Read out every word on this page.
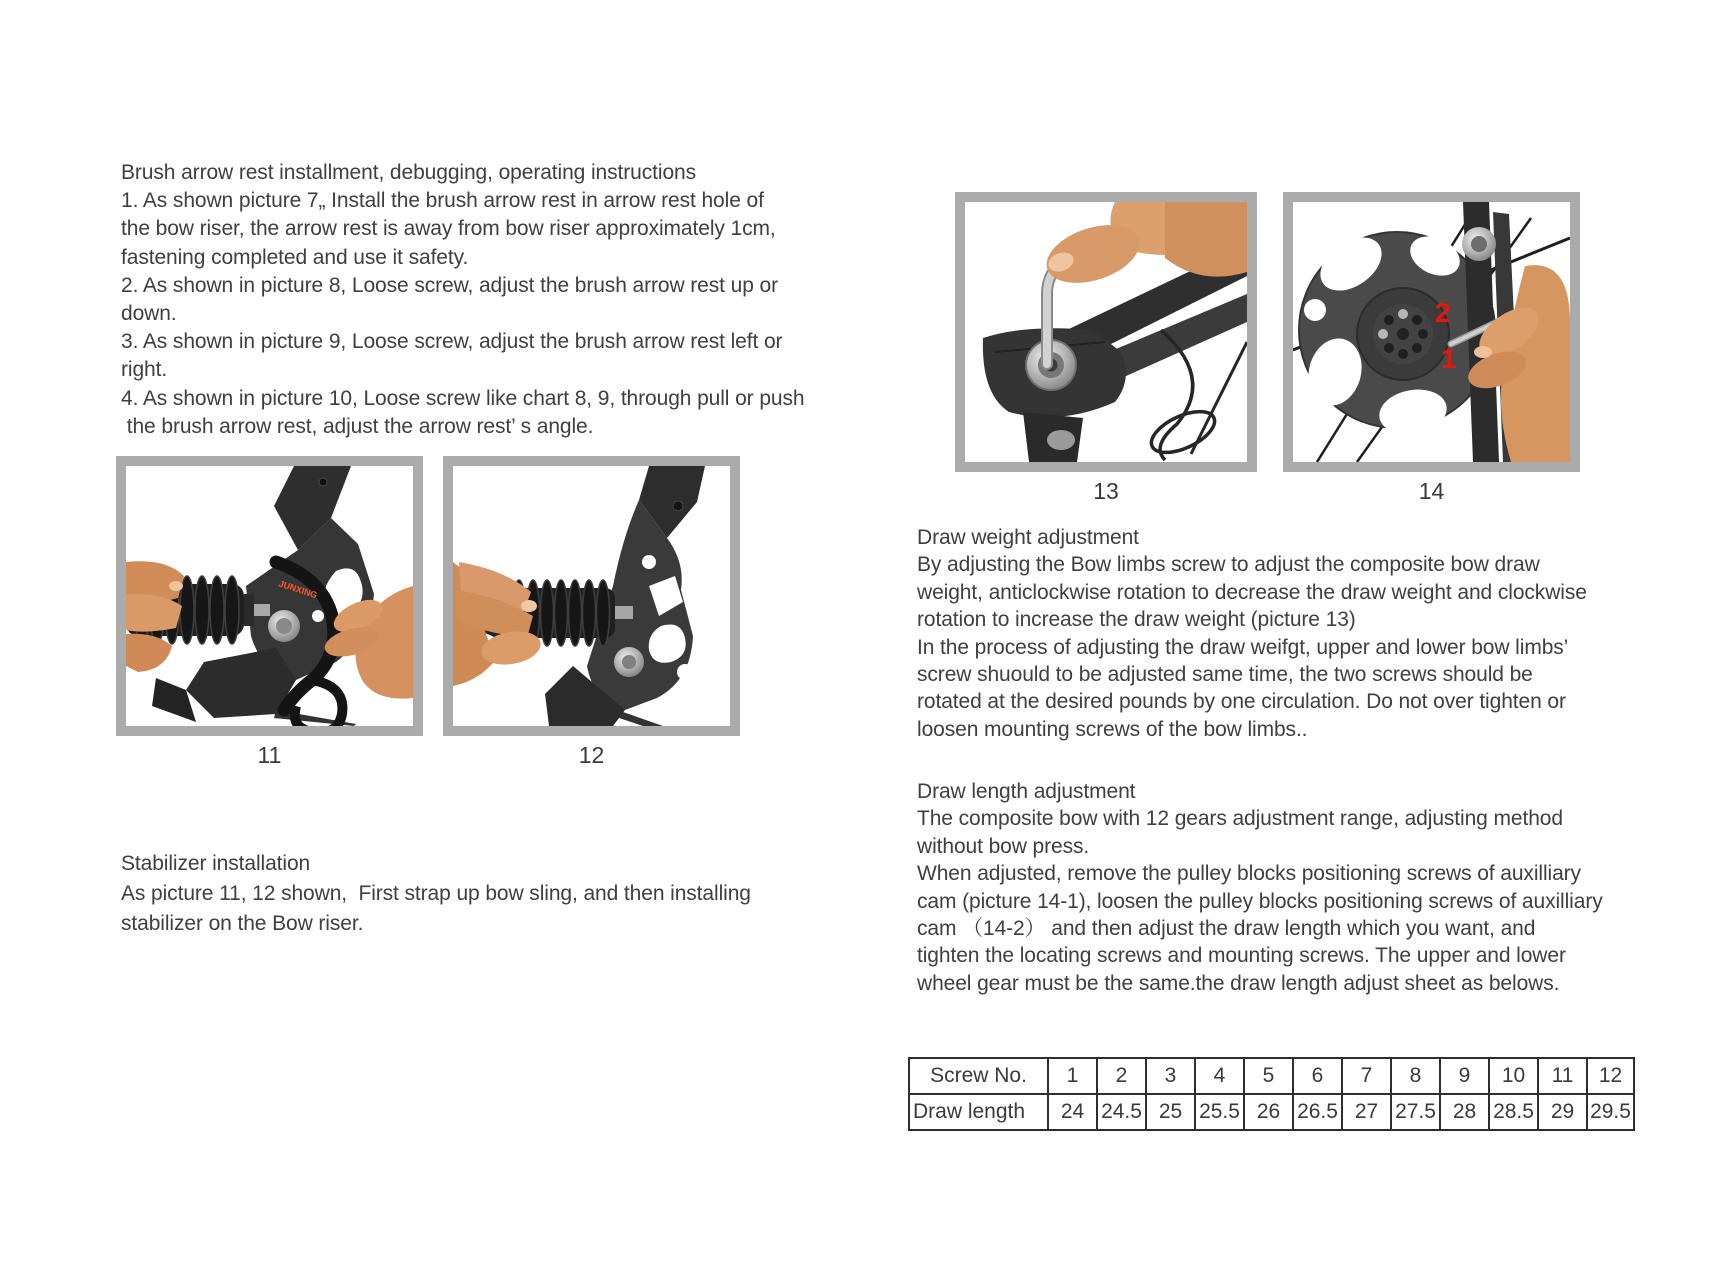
Brush arrow rest installment, debugging, operating instructions
1. As shown picture 7„ Install the brush arrow rest in arrow rest hole of
the bow riser, the arrow rest is away from bow riser approximately 1cm,
fastening completed and use it safety.
2. As shown in picture 8, Loose screw, adjust the brush arrow rest up or
down.
3. As shown in picture 9, Loose screw, adjust the brush arrow rest left or
right.
4. As shown in picture 10, Loose screw like chart 8, 9, through pull or push
the brush arrow rest, adjust the arrow rest’ s angle.
JUNXING
11	12
Stabilizer installation
As picture 11, 12 shown,  First strap up bow sling, and then installing
stabilizer on the Bow riser.
13
2
1
14
Draw weight adjustment
By adjusting the Bow limbs screw to adjust the composite bow draw
weight, anticlockwise rotation to decrease the draw weight and clockwise
rotation to increase the draw weight (picture 13)
In the process of adjusting the draw weifgt, upper and lower bow limbs’
screw shuould to be adjusted same time, the two screws should be
rotated at the desired pounds by one circulation. Do not over tighten or
loosen mounting screws of the bow limbs..
Draw length adjustment
The composite bow with 12 gears adjustment range, adjusting method
without bow press.
When adjusted, remove the pulley blocks positioning screws of auxilliary
cam (picture 14-1), loosen the pulley blocks positioning screws of auxilliary
cam （14-2） and then adjust the draw length which you want, and
tighten the locating screws and mounting screws. The upper and lower
wheel gear must be the same.the draw length adjust sheet as belows.
Screw No.	1	2	3	4	5	6	7	8	9	10	11	12
Draw length	24	24.5	25	25.5	26	26.5	27	27.5	28	28.5	29	29.5
